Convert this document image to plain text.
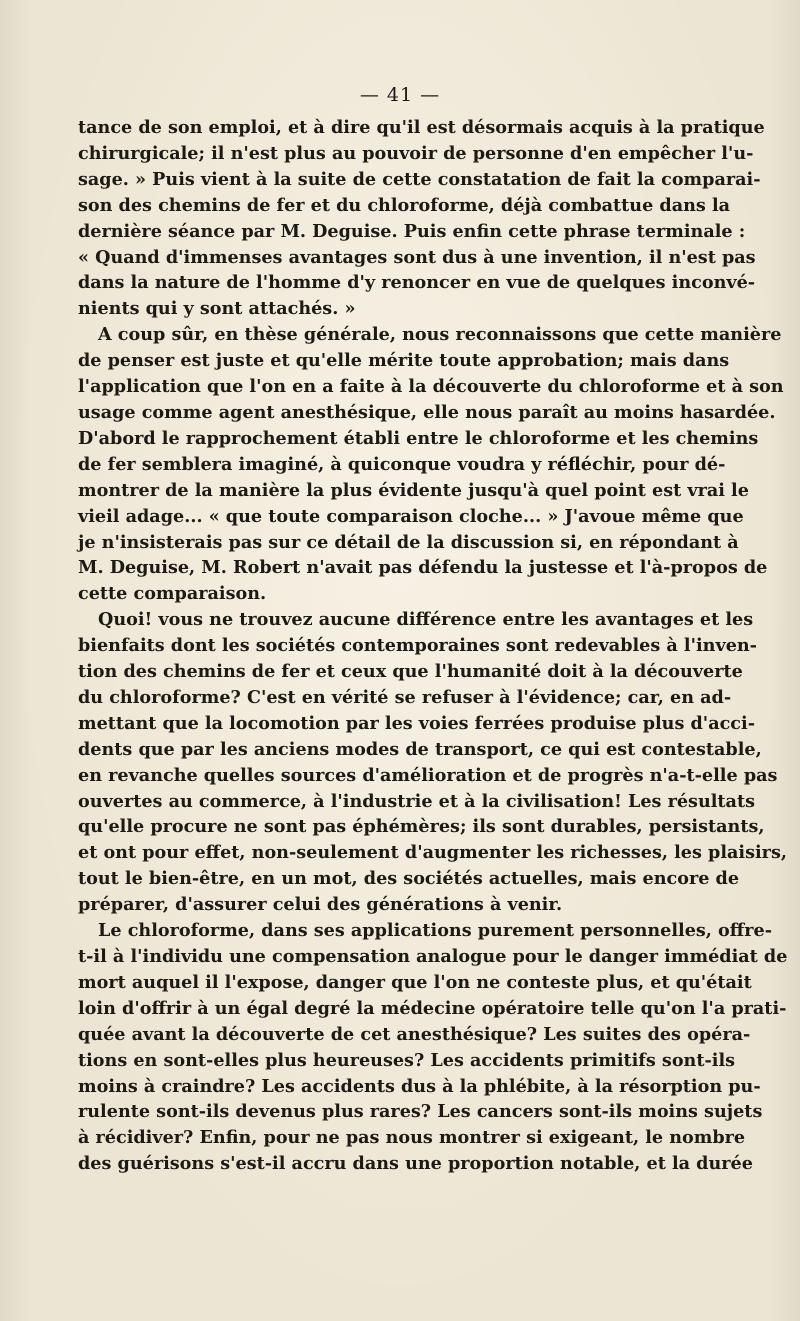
— 41 —
tance de son emploi, et à dire qu'il est désormais acquis à la pratique
chirurgicale; il n'est plus au pouvoir de personne d'en empêcher l'u-
sage. » Puis vient à la suite de cette constatation de fait la comparai-
son des chemins de fer et du chloroforme, déjà combattue dans la
dernière séance par M. Deguise. Puis enfin cette phrase terminale :
« Quand d'immenses avantages sont dus à une invention, il n'est pas
dans la nature de l'homme d'y renoncer en vue de quelques inconvé-
nients qui y sont attachés. »
A coup sûr, en thèse générale, nous reconnaissons que cette manière
de penser est juste et qu'elle mérite toute approbation; mais dans
l'application que l'on en a faite à la découverte du chloroforme et à son
usage comme agent anesthésique, elle nous paraît au moins hasardée.
D'abord le rapprochement établi entre le chloroforme et les chemins
de fer semblera imaginé, à quiconque voudra y réfléchir, pour dé-
montrer de la manière la plus évidente jusqu'à quel point est vrai le
vieil adage... « que toute comparaison cloche... » J'avoue même que
je n'insisterais pas sur ce détail de la discussion si, en répondant à
M. Deguise, M. Robert n'avait pas défendu la justesse et l'à-propos de
cette comparaison.
Quoi! vous ne trouvez aucune différence entre les avantages et les
bienfaits dont les sociétés contemporaines sont redevables à l'inven-
tion des chemins de fer et ceux que l'humanité doit à la découverte
du chloroforme? C'est en vérité se refuser à l'évidence; car, en ad-
mettant que la locomotion par les voies ferrées produise plus d'acci-
dents que par les anciens modes de transport, ce qui est contestable,
en revanche quelles sources d'amélioration et de progrès n'a-t-elle pas
ouvertes au commerce, à l'industrie et à la civilisation! Les résultats
qu'elle procure ne sont pas éphémères; ils sont durables, persistants,
et ont pour effet, non-seulement d'augmenter les richesses, les plaisirs,
tout le bien-être, en un mot, des sociétés actuelles, mais encore de
préparer, d'assurer celui des générations à venir.
Le chloroforme, dans ses applications purement personnelles, offre-
t-il à l'individu une compensation analogue pour le danger immédiat de
mort auquel il l'expose, danger que l'on ne conteste plus, et qu'était
loin d'offrir à un égal degré la médecine opératoire telle qu'on l'a prati-
quée avant la découverte de cet anesthésique? Les suites des opéra-
tions en sont-elles plus heureuses? Les accidents primitifs sont-ils
moins à craindre? Les accidents dus à la phlébite, à la résorption pu-
rulente sont-ils devenus plus rares? Les cancers sont-ils moins sujets
à récidiver? Enfin, pour ne pas nous montrer si exigeant, le nombre
des guérisons s'est-il accru dans une proportion notable, et la durée
